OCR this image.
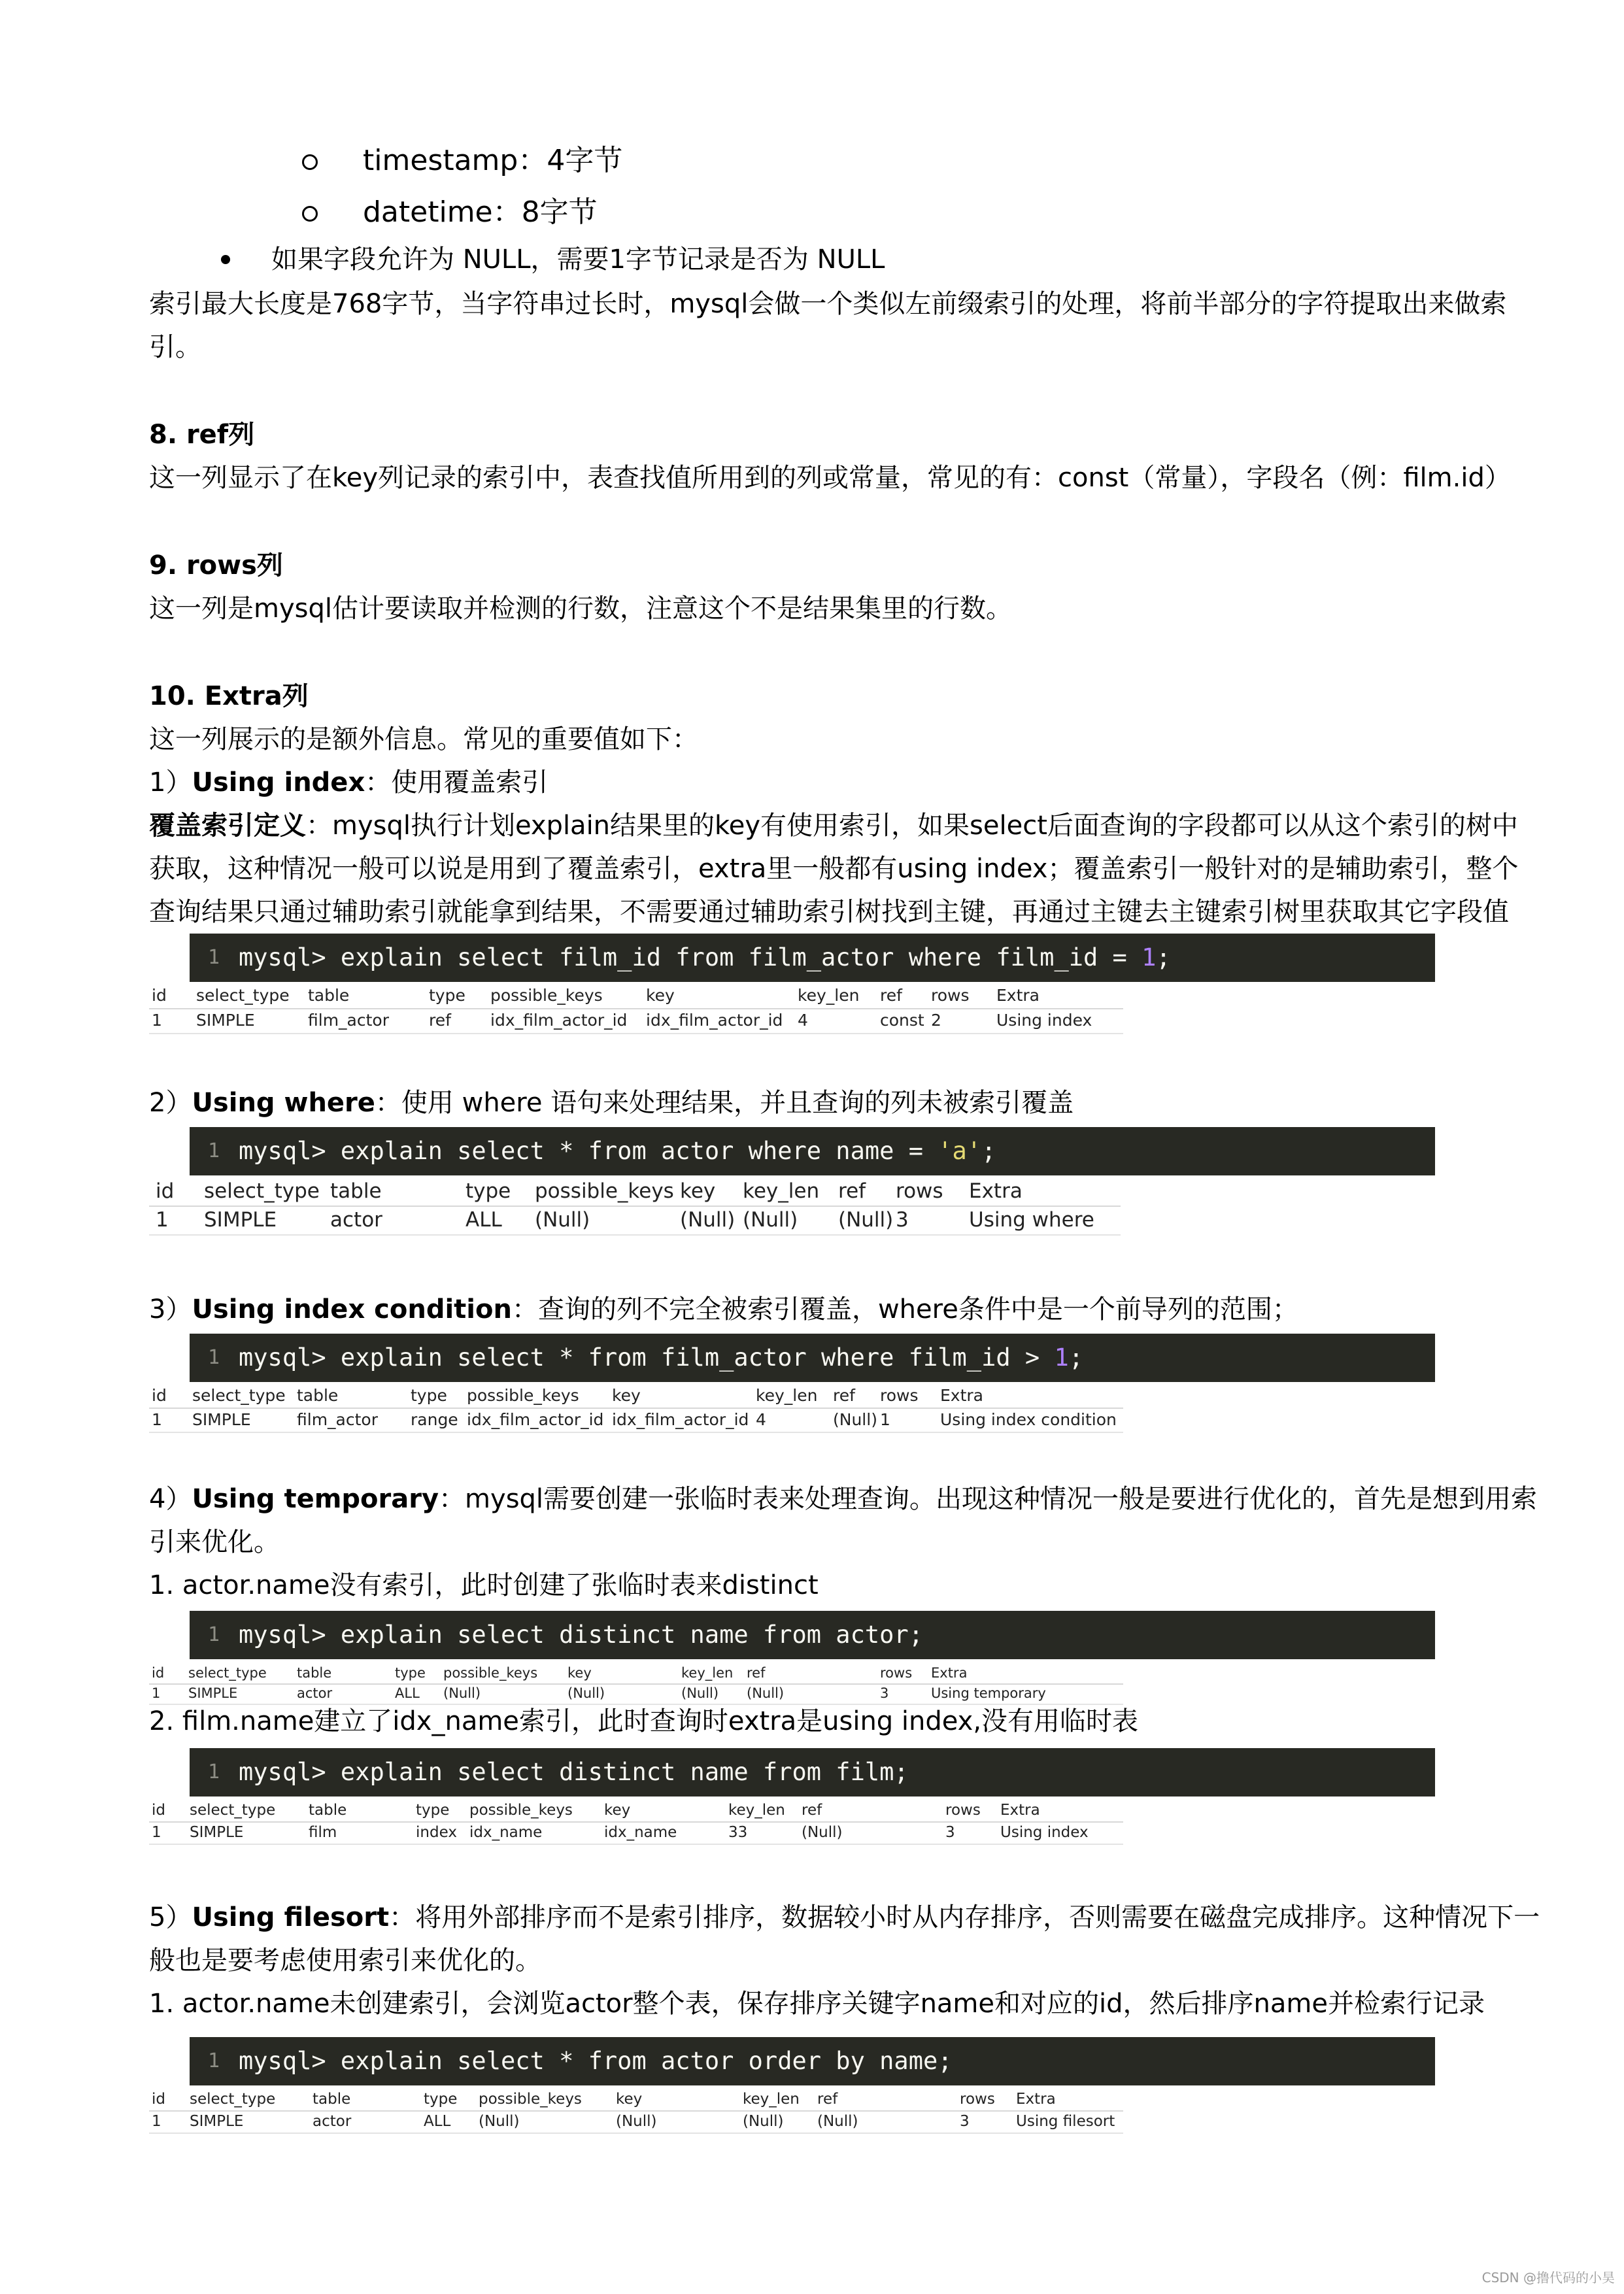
timestamp：4字节
datetime：8字节
如果字段允许为 NULL，需要1字节记录是否为 NULL
索引最大长度是768字节，当字符串过长时，mysql会做一个类似左前缀索引的处理，将前半部分的字符提取出来做索
引。
8. ref列
这一列显示了在key列记录的索引中，表查找值所用到的列或常量，常见的有：const（常量），字段名（例：film.id）
9. rows列
这一列是mysql估计要读取并检测的行数，注意这个不是结果集里的行数。
10. Extra列
这一列展示的是额外信息。常见的重要值如下：
1）Using index：使用覆盖索引
覆盖索引定义：mysql执行计划explain结果里的key有使用索引，如果select后面查询的字段都可以从这个索引的树中
获取，这种情况一般可以说是用到了覆盖索引，extra里一般都有using index；覆盖索引一般针对的是辅助索引，整个
查询结果只通过辅助索引就能拿到结果，不需要通过辅助索引树找到主键，再通过主键去主键索引树里获取其它字段值
1 mysql> explain select film_id from film_actor where film_id = 1;
id select_type table	type possible_keys	key	key_len ref rows Extra
1 SIMPLE	film_actor ref idx_film_actor_id idx_film_actor_id 4	const 2	Using index
2）Using where：使用 where 语句来处理结果，并且查询的列未被索引覆盖
1 mysql> explain select * from actor where name = 'a';
id select_type table	type possible_keys key key_len ref rows Extra
1 SIMPLE	actor	ALL (Null)	(Null) (Null) (Null) 3	Using where
3）Using index condition：查询的列不完全被索引覆盖，where条件中是一个前导列的范围；
1 mysql> explain select * from film_actor where film_id > 1;
id select_type table	type possible_keys key	key_len ref rows Extra
1 SIMPLE	film_actor range idx_film_actor_id idx_film_actor_id 4	(Null) 1	Using index condition
4）Using temporary：mysql需要创建一张临时表来处理查询。出现这种情况一般是要进行优化的，首先是想到用索
引来优化。
1. actor.name没有索引，此时创建了张临时表来distinct
1 mysql> explain select distinct name from actor;
id select_type table	type possible_keys key	key_len ref	rows Extra
1 SIMPLE	actor	ALL (Null)	(Null)	(Null) (Null)	3	Using temporary
2. film.name建立了idx_name索引，此时查询时extra是using index,没有用临时表
1 mysql> explain select distinct name from film;
id select_type table	type possible_keys key	key_len ref	rows Extra
1 SIMPLE	film	index idx_name	idx_name	33	(Null)	3	Using index
5）Using filesort：将用外部排序而不是索引排序，数据较小时从内存排序，否则需要在磁盘完成排序。这种情况下一
般也是要考虑使用索引来优化的。
1. actor.name未创建索引，会浏览actor整个表，保存排序关键字name和对应的id，然后排序name并检索行记录
1 mysql> explain select * from actor order by name;
id select_type table	type possible_keys key	key_len ref	rows Extra
1 SIMPLE	actor	ALL (Null)	(Null)	(Null) (Null)	3	Using filesort
CSDN @撸代码的小昊
